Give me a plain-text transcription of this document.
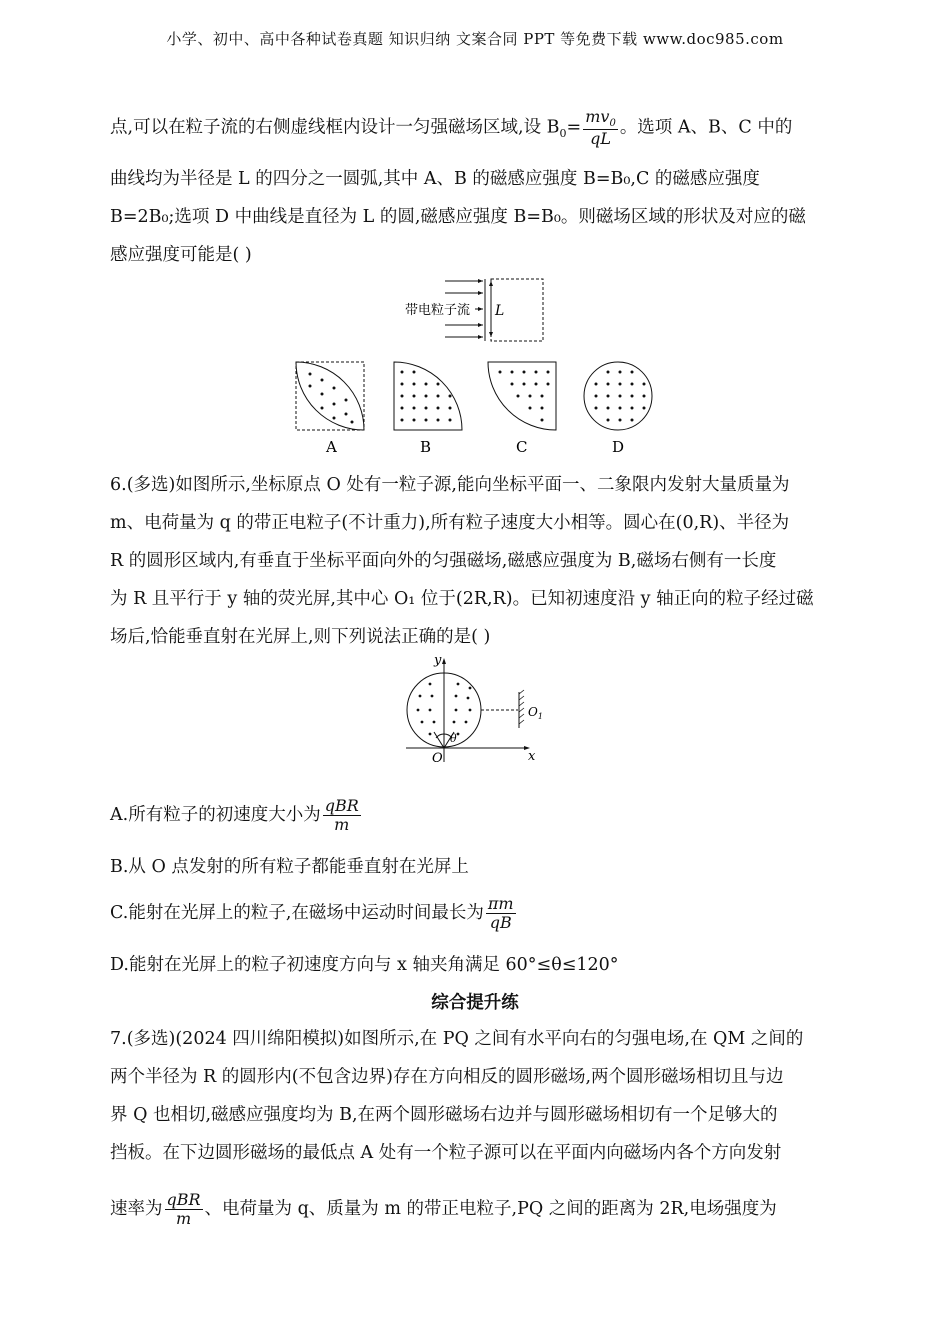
小学、初中、高中各种试卷真题 知识归纳 文案合同 PPT 等免费下载 www.doc985.com
点,可以在粒子流的右侧虚线框内设计一匀强磁场区域,设 $B_0= \frac{mv_0}{qL}$ 。选项 A、B、C 中的
曲线均为半径是 L 的四分之一圆弧,其中 A、B 的磁感应强度 B=B₀,C 的磁感应强度
B=2B₀;选项 D 中曲线是直径为 L 的圆,磁感应强度 B=B₀。则磁场区域的形状及对应的磁
感应强度可能是( )
带电粒子流 L
A	B	C	D
6.(多选)如图所示,坐标原点 O 处有一粒子源,能向坐标平面一、二象限内发射大量质量为
m、电荷量为 q 的带正电粒子(不计重力),所有粒子速度大小相等。圆心在(0,R)、半径为
R 的圆形区域内,有垂直于坐标平面向外的匀强磁场,磁感应强度为 B,磁场右侧有一长度
为 R 且平行于 y 轴的荧光屏,其中心 O₁ 位于(2R,R)。已知初速度沿 y 轴正向的粒子经过磁
场后,恰能垂直射在光屏上,则下列说法正确的是( )
y
x
O
$O_1$
θ
A.所有粒子的初速度大小为 $\frac{\text{qBR}}{m}$
B.从 O 点发射的所有粒子都能垂直射在光屏上
C.能射在光屏上的粒子,在磁场中运动时间最长为 $\frac{\pi m}{qB}$
D.能射在光屏上的粒子初速度方向与 x 轴夹角满足 60°≤θ≤120°
综合提升练
7.(多选)(2024 四川绵阳模拟)如图所示,在 PQ 之间有水平向右的匀强电场,在 QM 之间的
两个半径为 R 的圆形内(不包含边界)存在方向相反的圆形磁场,两个圆形磁场相切且与边
界 Q 也相切,磁感应强度均为 B,在两个圆形磁场右边并与圆形磁场相切有一个足够大的
挡板。在下边圆形磁场的最低点 A 处有一个粒子源可以在平面内向磁场内各个方向发射
速率为 $\frac{\text{qBR}}{m}$ 、电荷量为 q、质量为 m 的带正电粒子,PQ 之间的距离为 2R,电场强度为
